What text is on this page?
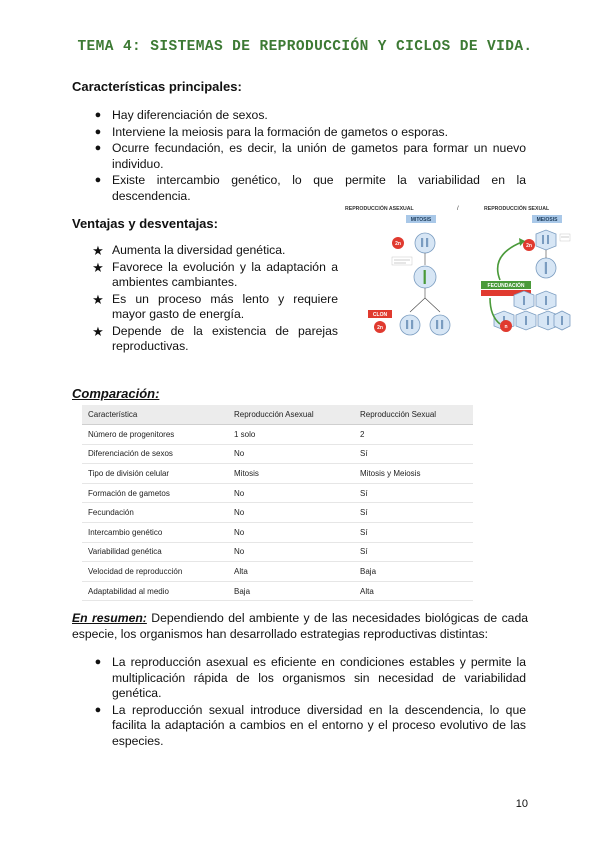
TEMA 4: SISTEMAS DE REPRODUCCIÓN Y CICLOS DE VIDA.
Características principales:
● Hay diferenciación de sexos.
● Interviene la meiosis para la formación de gametos o esporas.
● Ocurre fecundación, es decir, la unión de gametos para formar un nuevo individuo.
● Existe intercambio genético, lo que permite la variabilidad en la descendencia.
Ventajas y desventajas:
★ Aumenta la diversidad genética.
★ Favorece la evolución y la adaptación a ambientes cambiantes.
★ Es un proceso más lento y requiere mayor gasto de energía.
★ Depende de la existencia de parejas reproductivas.
REPRODUCCIÓN ASEXUAL
MITOSIS
2n
CLON
2n
/	REPRODUCCIÓN SEXUAL
MEIOSIS
FECUNDACIÓN
2n
n
Comparación:
Característica	Reproducción Asexual	Reproducción Sexual
Número de progenitores	1 solo	2
Diferenciación de sexos	No	Sí
Tipo de división celular	Mitosis	Mitosis y Meiosis
Formación de gametos	No	Sí
Fecundación	No	Sí
Intercambio genético	No	Sí
Variabilidad genética	No	Sí
Velocidad de reproducción	Alta	Baja
Adaptabilidad al medio	Baja	Alta

En resumen: Dependiendo del ambiente y de las necesidades biológicas de cada especie, los organismos han desarrollado estrategias reproductivas distintas:

● La reproducción asexual es eficiente en condiciones estables y permite la multiplicación rápida de los organismos sin necesidad de variabilidad genética.
● La reproducción sexual introduce diversidad en la descendencia, lo que facilita la adaptación a cambios en el entorno y el proceso evolutivo de las especies.

10
